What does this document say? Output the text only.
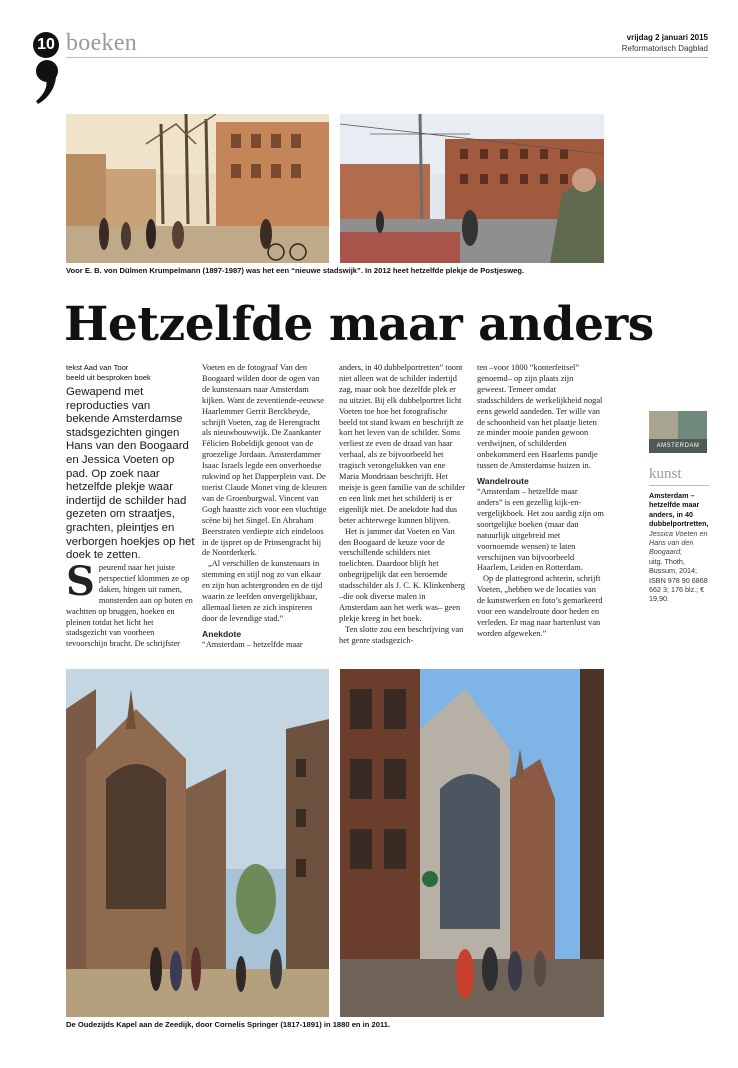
10 boeken	vrijdag 2 januari 2015
Reformatorisch Dagblad
Voor E. B. von Dülmen Krumpelmann (1897-1987) was het een “nieuwe stadswijk”. In 2012 heet hetzelfde plekje de Postjesweg.
Hetzelfde maar anders
tekst Aad van Toor
beeld uit besproken boek
Gewapend met reproducties van bekende Amsterdamse stadsgezichten gingen Hans van den Boogaard en Jessica Voeten op pad. Op zoek naar hetzelfde plekje waar indertijd de schilder had gezeten om straatjes, grachten, pleintjes en verborgen hoekjes op het doek te zetten.

Speurend naar het juiste perspectief klommen ze op daken, hingen uit ramen, monsterden aan op boten en wachtten op bruggen, hoeken en pleinen totdat het licht het stadsgezicht van voorheen tevoorschijn bracht. De schrijfster

Voeten en de fotograaf Van den Boogaard wilden door de ogen van de kunstenaars naar Amsterdam kijken. Want de zeventiende-eeuwse Haarlemmer Gerrit Berckheyde, schrijft Voeten, zag de Herengracht als nieuwbouwwijk. De Zaankanter Félicien Bobeldijk genoot van de groezelige Jordaan. Amsterdammer Isaac Israels legde een onverhoedse rukwind op het Dapperplein vast. De toerist Claude Monet ving de kleuren van de Groenburgwal. Vincent van Gogh haastte zich voor een vluchtige scène bij het Singel. En Abraham Beerstraten verdiepte zich eindeloos in de ijspret op de Prinsengracht bij de Noorderkerk.

„Al verschillen de kunstenaars in stemming en stijl nog zo van elkaar en zijn hun achtergronden en de tijd waarin ze leefden onvergelijkbaar, allemaal lieten ze zich inspireren door de levendige stad.”

Anekdote

“Amsterdam – hetzelfde maar

anders, in 40 dubbelportretten” toont niet alleen wat de schilder indertijd zag, maar ook hoe dezelfde plek er nu uitziet. Bij elk dubbelportret licht Voeten toe hoe het fotografische beeld tot stand kwam en beschrijft ze kort het leven van de schilder. Soms verliest ze even de draad van haar verhaal, als ze bijvoorbeeld het tragisch verongelukken van ene Maria Mondriaan beschrijft. Het meisje is geen familie van de schilder en een link met het schilderij is er eigenlijk niet. De anekdote had dus beter achterwege kunnen blijven.

Het is jammer dat Voeten en Van den Boogaard de keuze voor de verschillende schilders niet toelichten. Daardoor blijft het onbegrijpelijk dat een beroemde stadsschilder als J. C. K. Klinkenberg –die ook diverse malen in Amsterdam aan het werk was– geen plekje kreeg in het boek.

Ten slotte zou een beschrijving van het genre stadsgezich-

ten –voor 1800 “konterfeitsel” genoemd– op zijn plaats zijn geweest. Temeer omdat stadsschilders de werkelijkheid nogal eens geweld aandeden. Ter wille van de schoonheid van het plaatje lieten ze minder mooie panden gewoon verdwijnen, of schilderden onbekommerd een Haarlems pandje tussen de Amsterdamse huizen in.

Wandelroute

“Amsterdam – hetzelfde maar anders” is een gezellig kijk-en-vergelijkboek. Het zou aardig zijn om soortgelijke boeken (maar dan natuurlijk uitgebreid met voornoemde wensen) te laten verschijnen van bijvoorbeeld Haarlem, Leiden en Rotterdam.

Op de plattegrond achterin, schrijft Voeten, „hebben we de locaties van de kunstwerken en foto’s gemarkeerd voor een wandelroute door heden en verleden. Er mag naar hartenlust van worden afgeweken.”

AMSTERDAM
kunst
Amsterdam – hetzelfde maar anders, in 40 dubbelportretten,
Jessica Voeten en Hans van den Boogaard;
uitg. Thoth, Bussum, 2014; ISBN 978 90 6868 662 3; 176 blz.; € 19,90.
De Oudezijds Kapel aan de Zeedijk, door Cornelis Springer (1817-1891) in 1880 en in 2011.
